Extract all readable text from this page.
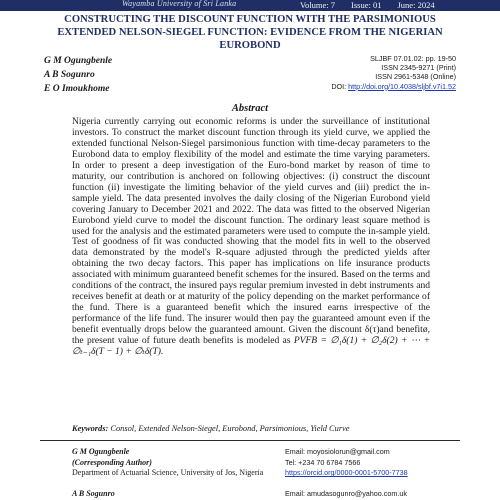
Wayamba University of Sri Lanka	Volume: 7 Issue: 01 June: 2024
CONSTRUCTING THE DISCOUNT FUNCTION WITH THE PARSIMONIOUS EXTENDED NELSON-SIEGEL FUNCTION: EVIDENCE FROM THE NIGERIAN EUROBOND
G M Ogungbenle
A B Sogunro
E O Imoukhome
SLJBF 07.01.02: pp. 19-50
ISSN 2345-9271 (Print)
ISSN 2961-5348 (Online)
DOI: http://doi.org/10.4038/sljbf.v7i1.52
Abstract
Nigeria currently carrying out economic reforms is under the surveillance of institutional investors. To construct the market discount function through its yield curve, we applied the extended functional Nelson-Siegel parsimonious function with time-decay parameters to the Eurobond data to employ flexibility of the model and estimate the time varying parameters. In order to present a deep investigation of the Euro-bond market by reason of time to maturity, our contribution is anchored on following objectives: (i) construct the discount function (ii) investigate the limiting behavior of the yield curves and (iii) predict the in-sample yield. The data presented involves the daily closing of the Nigerian Eurobond yield covering January to December 2021 and 2022. The data was fitted to the observed Nigerian Eurobond yield curve to model the discount function. The ordinary least square method is used for the analysis and the estimated parameters were used to compute the in-sample yield. Test of goodness of fit was conducted showing that the model fits in well to the observed data demonstrated by the model's R-square adjusted through the predicted yields after obtaining the two decay factors. This paper has implications on life insurance products associated with minimum guaranteed benefit schemes for the insured. Based on the terms and conditions of the contract, the insured pays regular premium invested in debt instruments and receives benefit at death or at maturity of the policy depending on the market performance of the fund. There is a guaranteed benefit which the insured earns irrespective of the performance of the life fund. The insurer would then pay the guaranteed amount even if the benefit eventually drops below the guaranteed amount. Given the discount δ(τ)and benefitø, the present value of future death benefits is modeled as PVFB = ∅₁δ(1) + ∅₂δ(2) + ⋯ + ∅ₜ₋₁δ(T − 1) + ∅ₜδ(T).
Keywords: Consol, Extended Nelson-Siegel, Eurobond, Parsimonious, Yield Curve
G M Ogungbenle
(Corresponding Author)
Department of Actuarial Science, University of Jos, Nigeria
A B Sogunro
Email: moyosiolorun@gmail.com
Tel: +234 70 6784 7566
https://orcid.org/0000-0001-5700-7738
Email: amudasogunro@yahoo.com.uk
